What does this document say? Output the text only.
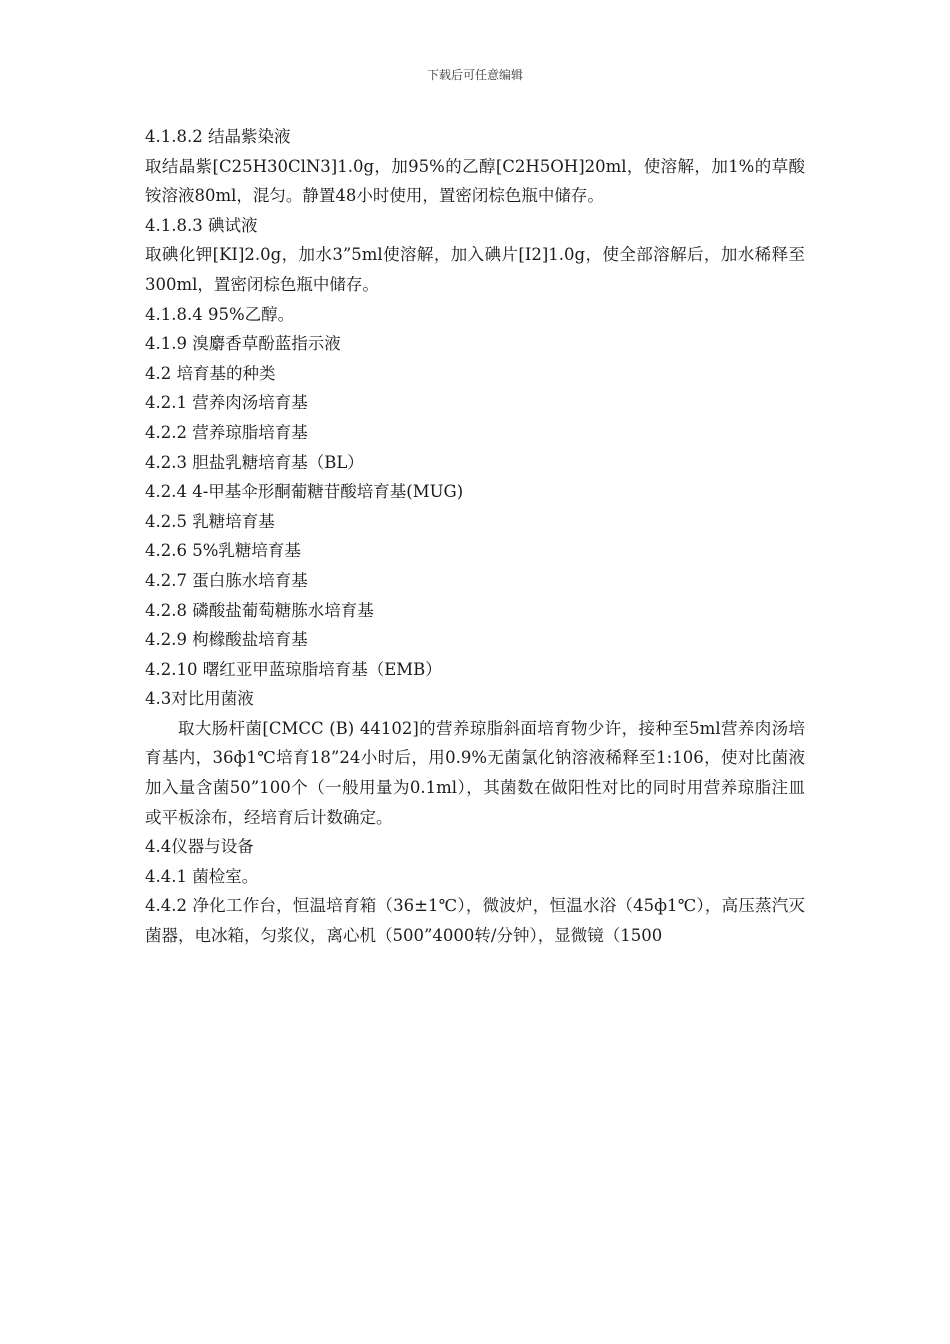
下载后可任意编辑
4.1.8.2 结晶紫染液
取结晶紫[C25H30ClN3]1.0g，加95%的乙醇[C2H5OH]20ml，使溶解，加1%的草酸铵溶液80ml，混匀。静置48小时使用，置密闭棕色瓶中储存。
4.1.8.3 碘试液
取碘化钾[KI]2.0g，加水3”5ml使溶解，加入碘片[I2]1.0g，使全部溶解后，加水稀释至300ml，置密闭棕色瓶中储存。
4.1.8.4 95%乙醇。
4.1.9 溴麝香草酚蓝指示液
4.2 培育基的种类
4.2.1 营养肉汤培育基
4.2.2 营养琼脂培育基
4.2.3 胆盐乳糖培育基（BL）
4.2.4 4-甲基伞形酮葡糖苷酸培育基(MUG)
4.2.5 乳糖培育基
4.2.6 5%乳糖培育基
4.2.7 蛋白胨水培育基
4.2.8 磷酸盐葡萄糖胨水培育基
4.2.9 枸橼酸盐培育基
4.2.10 曙红亚甲蓝琼脂培育基（EMB）
4.3对比用菌液
取大肠杆菌[CMCC (B) 44102]的营养琼脂斜面培育物少许，接种至5ml营养肉汤培育基内，36ф1℃培育18”24小时后，用0.9%无菌氯化钠溶液稀释至1:106，使对比菌液加入量含菌50”100个（一般用量为0.1ml），其菌数在做阳性对比的同时用营养琼脂注皿或平板涂布，经培育后计数确定。
4.4仪器与设备
4.4.1 菌检室。
4.4.2 净化工作台，恒温培育箱（36±1℃），微波炉，恒温水浴（45ф1℃），高压蒸汽灭菌器，电冰箱，匀浆仪，离心机（500”4000转/分钟），显微镜（1500
